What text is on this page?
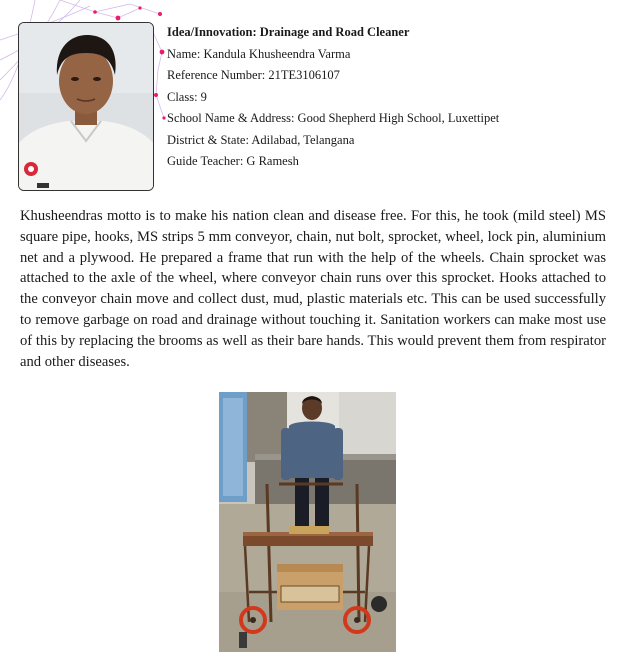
Idea/Innovation: Drainage and Road Cleaner
Name: Kandula Khusheendra Varma
Reference Number: 21TE3106107
Class: 9
School Name & Address: Good Shepherd High School, Luxettipet
District & State: Adilabad, Telangana
Guide Teacher: G Ramesh

Khusheendras motto is to make his nation clean and disease free. For this, he took (mild steel) MS square pipe, hooks, MS strips 5 mm conveyor, chain, nut bolt, sprocket, wheel, lock pin, aluminium net and a plywood. He prepared a frame that run with the help of the wheels. Chain sprocket was attached to the axle of the wheel, where conveyor chain runs over this sprocket. Hooks attached to the conveyor chain move and collect dust, mud, plastic materials etc. This can be used successfully to remove garbage on road and drainage without touching it. Sanitation workers can make most use of this by replacing the brooms as well as their bare hands. This would prevent them from respirator and other diseases.
